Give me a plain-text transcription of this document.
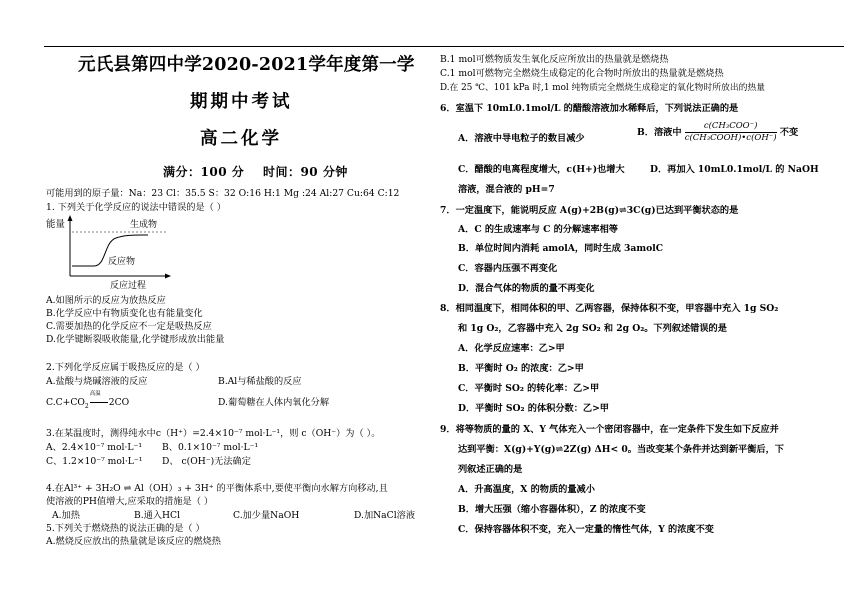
元氏县第四中学2020-2021学年度第一学
期期中考试
高二化学
满分：100 分    时间：90 分钟
可能用到的原子量：Na：23 Cl：35.5 S：32 O:16 H:1 Mg :24 Al:27 Cu:64 C:12
1. 下列关于化学反应的说法中错误的是（ ）
能量	生成物
反应物
反应过程
A.如图所示的反应为放热反应
B.化学反应中有物质变化也有能量变化
C.需要加热的化学反应不一定是吸热反应
D.化学键断裂吸收能量,化学键形成放出能量
2.下列化学反应属于吸热反应的是（ ）
A.盐酸与烧碱溶液的反应	B.Al与稀盐酸的反应
$C.C+CO_2$
高温
2CO	D.葡萄糖在人体内氧化分解
3.在某温度时，测得纯水中c（H⁺）=2.4×10⁻⁷ mol·L⁻¹，则 c（OH⁻）为（ ）。
A、2.4×10⁻⁷ mol·L⁻¹ B、0.1×10⁻⁷ mol·L⁻¹
C、1.2×10⁻⁷ mol·L⁻¹ D、 c(OH⁻)无法确定
4.在Al³⁺ + 3H₂O ⇌ Al（OH）₃ + 3H⁺ 的平衡体系中,要使平衡向水解方向移动,且
使溶液的PH值增大,应采取的措施是（ ）
A.加热	B.通入HCl	C.加少量NaOH	D.加NaCl溶液
5.下列关于燃烧热的说法正确的是（ ）
A.燃烧反应放出的热量就是该反应的燃烧热
B.1 mol可燃物质发生氧化反应所放出的热量就是燃烧热
C.1 mol可燃物完全燃烧生成稳定的化合物时所放出的热量就是燃烧热
D.在 25 ℃、101 kPa 时,1 mol 纯物质完全燃烧生成稳定的氧化物时所放出的热量
6．室温下 10mL0.1mol/L 的醋酸溶液加水稀释后，下列说法正确的是
A．溶液中导电粒子的数目减少
B．溶液中 $\frac{\text{c(CH₃COO⁻)}}{\text{c(CH₃COOH)•c(OH⁻)}}$ 不变
C．醋酸的电离程度增大，c(H+)也增大	D．再加入 10mL0.1mol/L 的 NaOH
溶液，混合液的 pH=7
7．一定温度下，能说明反应 A(g)+2B(g)⇌3C(g)已达到平衡状态的是
A．C 的生成速率与 C 的分解速率相等
B．单位时间内消耗 amolA，同时生成 3amolC
C．容器内压强不再变化
D．混合气体的物质的量不再变化
8．相同温度下，相同体积的甲、乙两容器，保持体积不变，甲容器中充入 1g SO₂
和 1g O₂，乙容器中充入 2g SO₂ 和 2g O₂。下列叙述错误的是
A．化学反应速率：乙>甲
B．平衡时 O₂ 的浓度：乙>甲
C．平衡时 SO₂ 的转化率：乙>甲
D．平衡时 SO₂ 的体积分数：乙>甲
9．将等物质的量的 X、Y 气体充入一个密闭容器中，在一定条件下发生如下反应并
达到平衡：X(g)+Y(g)⇌2Z(g) ΔH< 0。当改变某个条件并达到新平衡后，下
列叙述正确的是
A．升高温度，X 的物质的量减小
B．增大压强（缩小容器体积），Z 的浓度不变
C．保持容器体积不变，充入一定量的惰性气体，Y 的浓度不变
